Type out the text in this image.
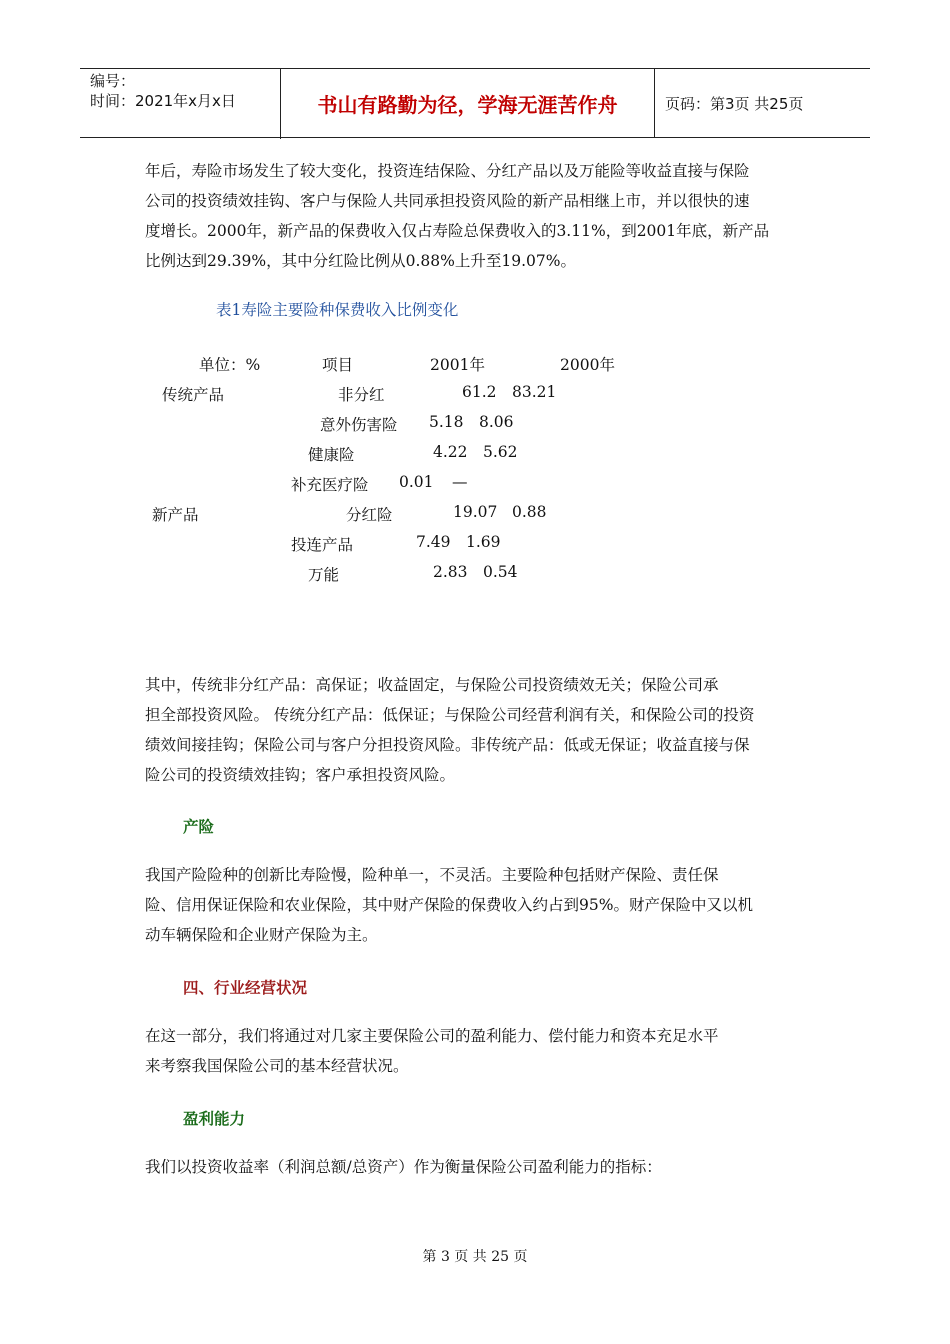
编号：
时间：2021年x月x日	书山有路勤为径，学海无涯苦作舟	页码：第3页 共25页

年后，寿险市场发生了较大变化，投资连结保险、分红产品以及万能险等收益直接与保险

公司的投资绩效挂钩、客户与保险人共同承担投资风险的新产品相继上市，并以很快的速

度增长。2000年，新产品的保费收入仅占寿险总保费收入的3.11%，到2001年底，新产品

比例达到29.39%，其中分红险比例从0.88%上升至19.07%。

表1寿险主要险种保费收入比例变化
单位：%	项目	2001年	2000年
传统产品	非分红	61.2 83.21
意外伤害险 5.18 8.06
健康险	4.22 5.62
补充医疗险 0.01 —
新产品	分红险	19.07 0.88
投连产品	7.49 1.69
万能	2.83 0.54

其中，传统非分红产品：高保证；收益固定，与保险公司投资绩效无关；保险公司承

担全部投资风险。 传统分红产品：低保证；与保险公司经营利润有关，和保险公司的投资

绩效间接挂钩；保险公司与客户分担投资风险。非传统产品：低或无保证；收益直接与保

险公司的投资绩效挂钩；客户承担投资风险。

产险

我国产险险种的创新比寿险慢，险种单一，不灵活。主要险种包括财产保险、责任保

险、信用保证保险和农业保险，其中财产保险的保费收入约占到95%。财产保险中又以机

动车辆保险和企业财产保险为主。

四、行业经营状况

在这一部分，我们将通过对几家主要保险公司的盈利能力、偿付能力和资本充足水平

来考察我国保险公司的基本经营状况。

盈利能力

我们以投资收益率（利润总额/总资产）作为衡量保险公司盈利能力的指标：

第 3 页 共 25 页
